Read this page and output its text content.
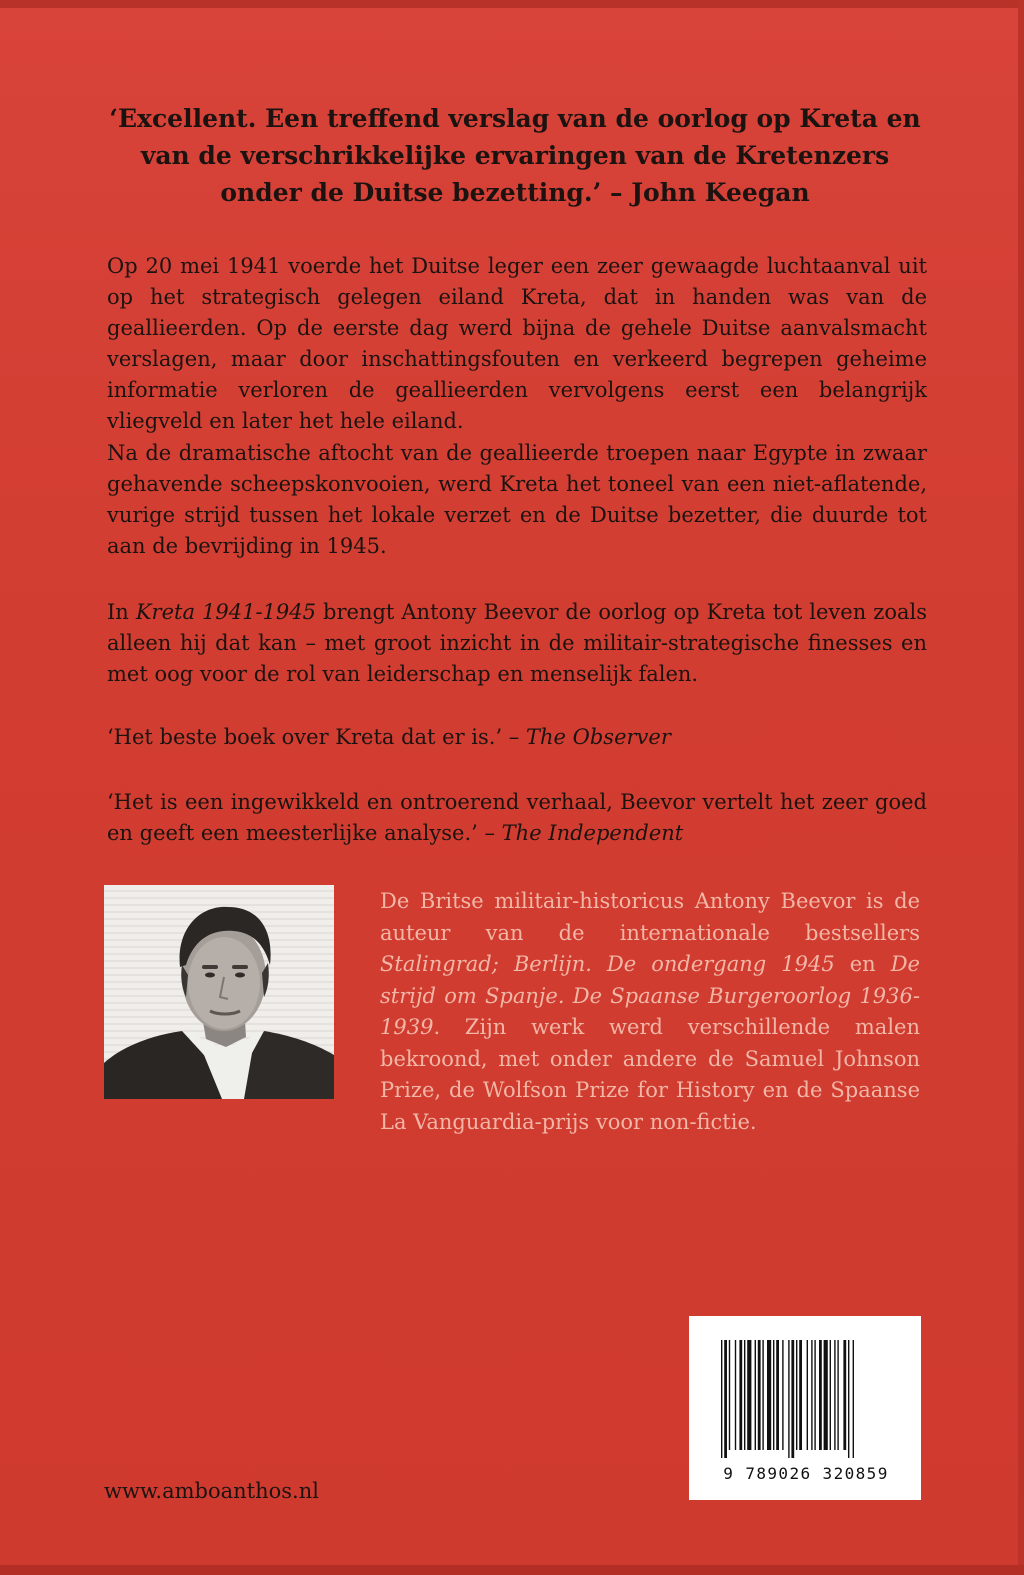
‘Excellent. Een treffend verslag van de oorlog op Kreta en van de verschrikkelijke ervaringen van de Kretenzers onder de Duitse bezetting.’ – John Keegan

Op 20 mei 1941 voerde het Duitse leger een zeer gewaagde luchtaanval uit op het strategisch gelegen eiland Kreta, dat in handen was van de geallieerden. Op de eerste dag werd bijna de gehele Duitse aanvalsmacht verslagen, maar door inschattingsfouten en verkeerd begrepen geheime informatie verloren de geallieerden vervolgens eerst een belangrijk vliegveld en later het hele eiland.

Na de dramatische aftocht van de geallieerde troepen naar Egypte in zwaar gehavende scheepskonvooien, werd Kreta het toneel van een niet-aflatende, vurige strijd tussen het lokale verzet en de Duitse bezetter, die duurde tot aan de bevrijding in 1945.

In Kreta 1941-1945 brengt Antony Beevor de oorlog op Kreta tot leven zoals alleen hij dat kan – met groot inzicht in de militair-strategische finesses en met oog voor de rol van leiderschap en menselijk falen.

‘Het beste boek over Kreta dat er is.’ – The Observer

‘Het is een ingewikkeld en ontroerend verhaal, Beevor vertelt het zeer goed en geeft een meesterlijke analyse.’ – The Independent

De Britse militair-historicus Antony Beevor is de auteur van de internationale bestsellers Stalingrad; Berlijn. De ondergang 1945 en De strijd om Spanje. De Spaanse Burgeroorlog 1936-1939. Zijn werk werd verschillende malen bekroond, met onder andere de Samuel Johnson Prize, de Wolfson Prize for History en de Spaanse La Vanguardia-prijs voor non-fictie.

9 789026 320859
www.amboanthos.nl
